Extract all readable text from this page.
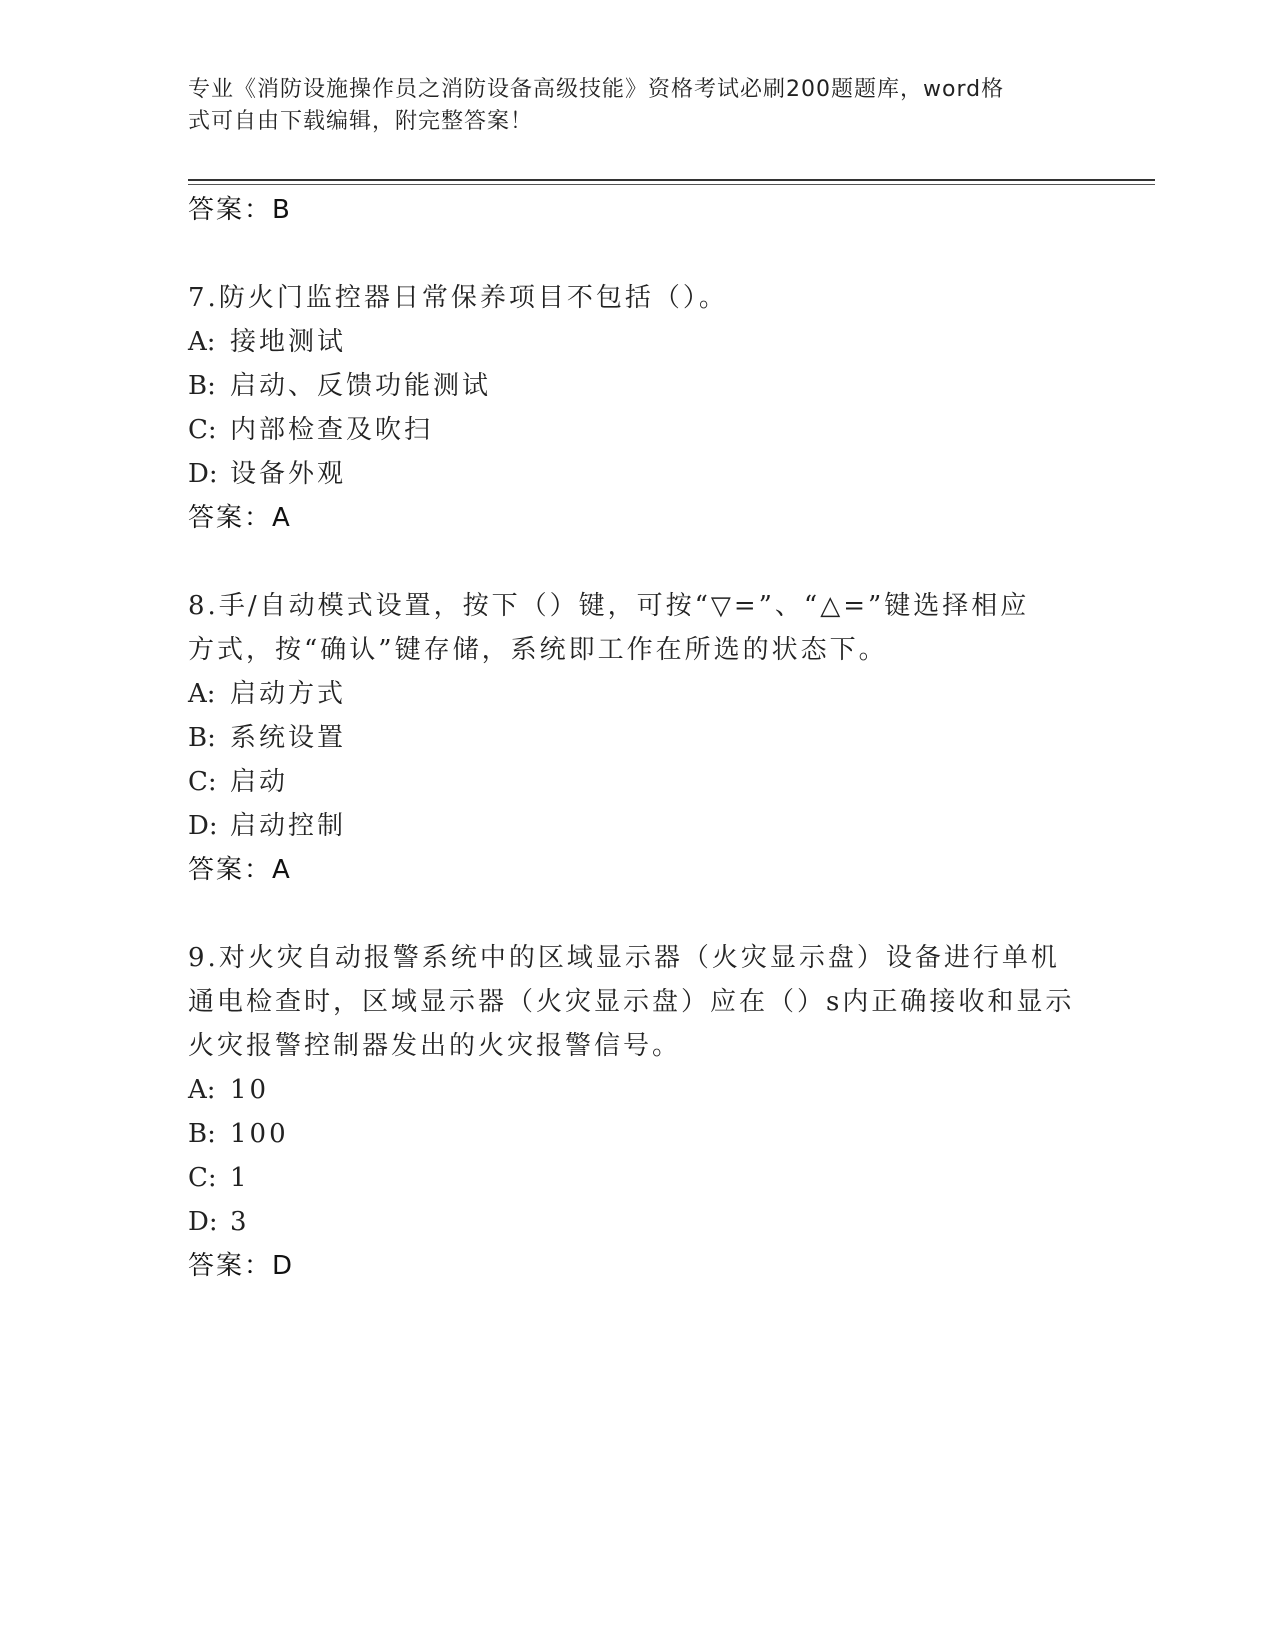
专业《消防设施操作员之消防设备高级技能》资格考试必刷200题题库，word格
式可自由下载编辑，附完整答案！
答案：B
7.防火门监控器日常保养项目不包括（）。
A: 接地测试
B: 启动、反馈功能测试
C: 内部检查及吹扫
D: 设备外观
答案：A
8.手/自动模式设置，按下（）键，可按“▽=”、“△=”键选择相应
方式，按“确认”键存储，系统即工作在所选的状态下。
A: 启动方式
B: 系统设置
C: 启动
D: 启动控制
答案：A
9.对火灾自动报警系统中的区域显示器（火灾显示盘）设备进行单机
通电检查时，区域显示器（火灾显示盘）应在（）s内正确接收和显示
火灾报警控制器发出的火灾报警信号。
A: 10
B: 100
C: 1
D: 3
答案：D
